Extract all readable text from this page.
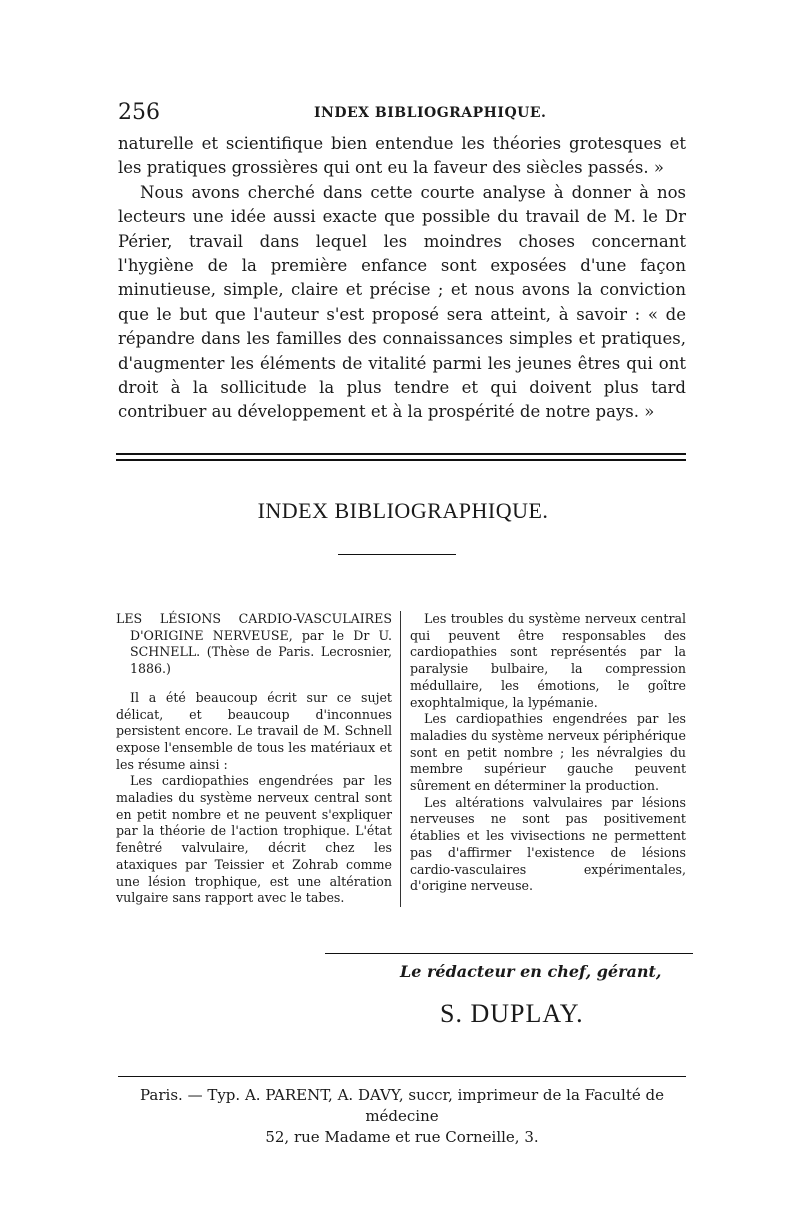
256	INDEX BIBLIOGRAPHIQUE.

naturelle et scientifique bien entendue les théories grotesques et les pratiques grossières qui ont eu la faveur des siècles passés. »

Nous avons cherché dans cette courte analyse à donner à nos lecteurs une idée aussi exacte que possible du travail de M. le Dr Périer, travail dans lequel les moindres choses concernant l'hygiène de la première enfance sont exposées d'une façon minutieuse, simple, claire et précise ; et nous avons la conviction que le but que l'auteur s'est proposé sera atteint, à savoir : « de répandre dans les familles des connaissances simples et pratiques, d'augmenter les éléments de vitalité parmi les jeunes êtres qui ont droit à la sollicitude la plus tendre et qui doivent plus tard contribuer au développement et à la prospérité de notre pays. »

INDEX BIBLIOGRAPHIQUE.

LES LÉSIONS CARDIO-VASCULAIRES D'ORIGINE NERVEUSE, par le Dr U. SCHNELL. (Thèse de Paris. Lecrosnier, 1886.)

Il a été beaucoup écrit sur ce sujet délicat, et beaucoup d'inconnues persistent encore. Le travail de M. Schnell expose l'ensemble de tous les matériaux et les résume ainsi :

Les cardiopathies engendrées par les maladies du système nerveux central sont en petit nombre et ne peuvent s'expliquer par la théorie de l'action trophique. L'état fenêtré valvulaire, décrit chez les ataxiques par Teissier et Zohrab comme une lésion trophique, est une altération vulgaire sans rapport avec le tabes.

Les troubles du système nerveux central qui peuvent être responsables des cardiopathies sont représentés par la paralysie bulbaire, la compression médullaire, les émotions, le goître exophtalmique, la lypémanie.

Les cardiopathies engendrées par les maladies du système nerveux périphérique sont en petit nombre ; les névralgies du membre supérieur gauche peuvent sûrement en déterminer la production.

Les altérations valvulaires par lésions nerveuses ne sont pas positivement établies et les vivisections ne permettent pas d'affirmer l'existence de lésions cardio-vasculaires expérimentales, d'origine nerveuse.

Le rédacteur en chef, gérant,
S. DUPLAY.
Paris. — Typ. A. PARENT, A. DAVY, succr, imprimeur de la Faculté de médecine
52, rue Madame et rue Corneille, 3.
